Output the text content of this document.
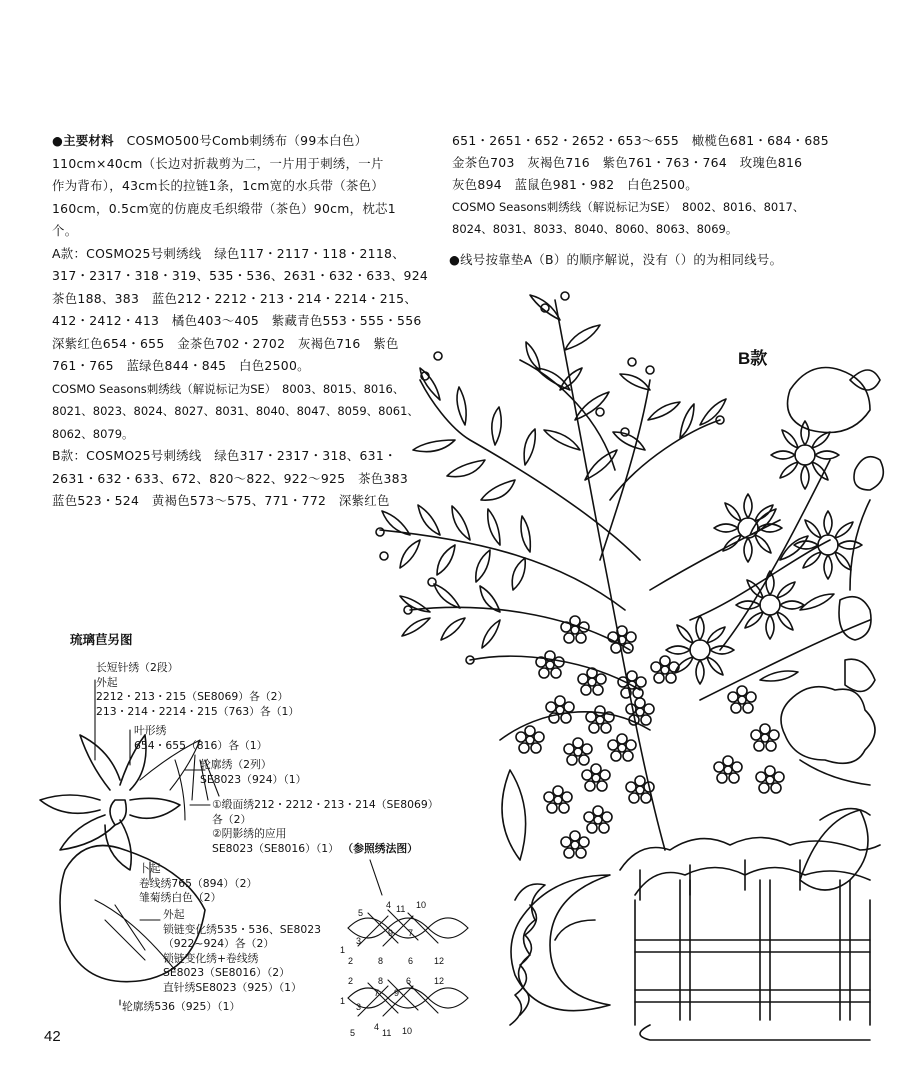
●主要材料　 COSMO500号Comb刺绣布（99本白色）
110cm×40cm（长边对折裁剪为二，一片用于刺绣，一片
作为背布），43cm长的拉链1条，1cm宽的水兵带（茶色）
160cm，0.5cm宽的仿鹿皮毛织缎带（茶色）90cm，枕芯1
个。
A款：COSMO25号刺绣线　绿色117・2117・118・2118、
317・2317・318・319、535・536、2631・632・633、924
茶色188、383　蓝色212・2212・213・214・2214・215、
412・2412・413　橘色403～405　紫藏青色553・555・556
深紫红色654・655　金茶色702・2702　灰褐色716　紫色
761・765　蓝绿色844・845　白色2500。
COSMO Seasons刺绣线（解说标记为SE）　8003、8015、8016、
8021、8023、8024、8027、8031、8040、8047、8059、8061、
8062、8079。
B款：COSMO25号刺绣线　绿色317・2317・318、631・
2631・632・633、672、820～822、922～925　茶色383
蓝色523・524　黄褐色573～575、771・772　深紫红色
651・2651・652・2652・653～655　橄榄色681・684・685
金茶色703　灰褐色716　紫色761・763・764　玫瑰色816
灰色894　蓝鼠色981・982　白色2500。
COSMO Seasons刺绣线（解说标记为SE）　8002、8016、8017、
8024、8031、8033、8040、8060、8063、8069。
●线号按靠垫A（B）的顺序解说，没有（）的为相同线号。
B款
琉璃苣另图
长短针绣（2段）
外起
2212・213・215（SE8069）各（2）
213・214・2214・215（763）各（1）
叶形绣
654・655（816）各（1）
轮廓绣（2列）
SE8023（924）（1）
①缎面绣212・2212・213・214（SE8069）
各（2）
②阴影绣的应用
SE8023（SE8016）（1） （参照绣法图）
卜起
卷线绣765（894）（2）
雏菊绣白色（2）
外起
锁链变化绣535・536、SE8023
（922~924）各（2）
锁链变化绣+卷线绣
SE8023（SE8016）（2）
直针绣SE8023（925）（1）
轮廓绣536（925）（1）
5
4 11 10
1
3
9 7
2	8	6 12
2	8	6	12
1
7 9
3
5
4
11 10
42
